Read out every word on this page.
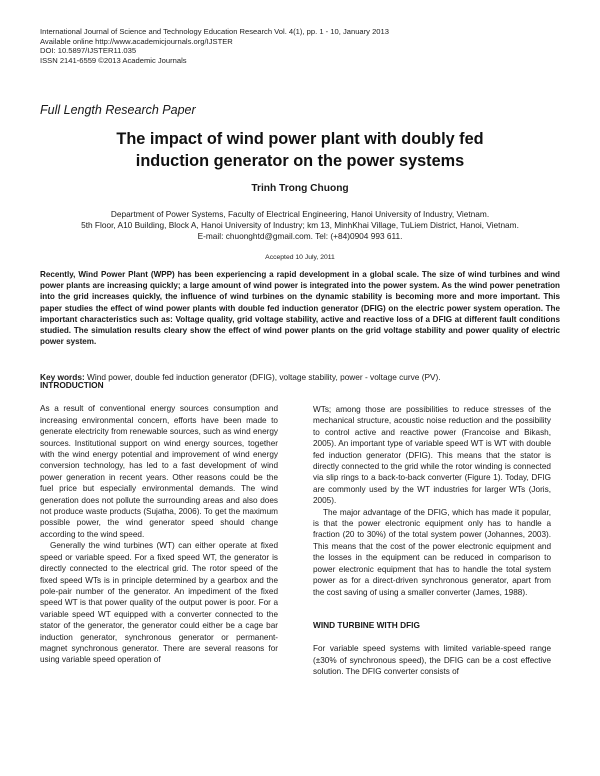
International Journal of Science and Technology Education Research Vol. 4(1), pp. 1 - 10, January 2013
Available online http://www.academicjournals.org/IJSTER
DOI: 10.5897/IJSTER11.035
ISSN 2141-6559 ©2013 Academic Journals
Full Length Research Paper
The impact of wind power plant with doubly fed
induction generator on the power systems
Trinh Trong Chuong
Department of Power Systems, Faculty of Electrical Engineering, Hanoi University of Industry, Vietnam.
5th Floor, A10 Building, Block A, Hanoi University of Industry; km 13, MinhKhai Village, TuLiem District, Hanoi, Vietnam.
E-mail: chuonghtd@gmail.com. Tel: (+84)0904 993 611.
Accepted 10 July, 2011
Recently, Wind Power Plant (WPP) has been experiencing a rapid development in a global scale. The size of wind turbines and wind power plants are increasing quickly; a large amount of wind power is integrated into the power system. As the wind power penetration into the grid increases quickly, the influence of wind turbines on the dynamic stability is becoming more and more important. This paper studies the effect of wind power plants with double fed induction generator (DFIG) on the electric power system operation. The important characteristics such as: Voltage quality, grid voltage stability, active and reactive loss of a DFIG at different fault conditions studied. The simulation results cleary show the effect of wind power plants on the grid voltage stability and power quality of electric power system.
Key words: Wind power, double fed induction generator (DFIG), voltage stability, power - voltage curve (PV).

INTRODUCTION

As a result of conventional energy sources consumption and increasing environmental concern, efforts have been made to generate electricity from renewable sources, such as wind energy sources. Institutional support on wind energy sources, together with the wind energy potential and improvement of wind energy conversion technology, has led to a fast development of wind power generation in recent years. Other reasons could be the fuel price but especially environmental demands. The wind generation does not pollute the surrounding areas and also does not produce waste products (Sujatha, 2006). To get the maximum possible power, the wind generator speed should change according to the wind speed.

Generally the wind turbines (WT) can either operate at fixed speed or variable speed. For a fixed speed WT, the generator is directly connected to the electrical grid. The rotor speed of the fixed speed WTs is in principle determined by a gearbox and the pole-pair number of the generator. An impediment of the fixed speed WT is that power quality of the output power is poor. For a variable speed WT equipped with a converter connected to the stator of the generator, the generator could either be a cage bar induction generator, synchronous generator or permanent-magnet synchronous generator. There are several reasons for using variable speed operation of

WTs; among those are possibilities to reduce stresses of the mechanical structure, acoustic noise reduction and the possibility to control active and reactive power (Francoise and Bikash, 2005). An important type of variable speed WT is WT with double fed induction generator (DFIG). This means that the stator is directly connected to the grid while the rotor winding is connected via slip rings to a back-to-back converter (Figure 1). Today, DFIG are commonly used by the WT industries for larger WTs (Joris, 2005).

The major advantage of the DFIG, which has made it popular, is that the power electronic equipment only has to handle a fraction (20 to 30%) of the total system power (Johannes, 2003). This means that the cost of the power electronic equipment and the losses in the equipment can be reduced in comparison to power electronic equipment that has to handle the total system power as for a direct-driven synchronous generator, apart from the cost saving of using a smaller converter (James, 1988).

WIND TURBINE WITH DFIG

For variable speed systems with limited variable-speed range (±30% of synchronous speed), the DFIG can be a cost effective solution. The DFIG converter consists of
